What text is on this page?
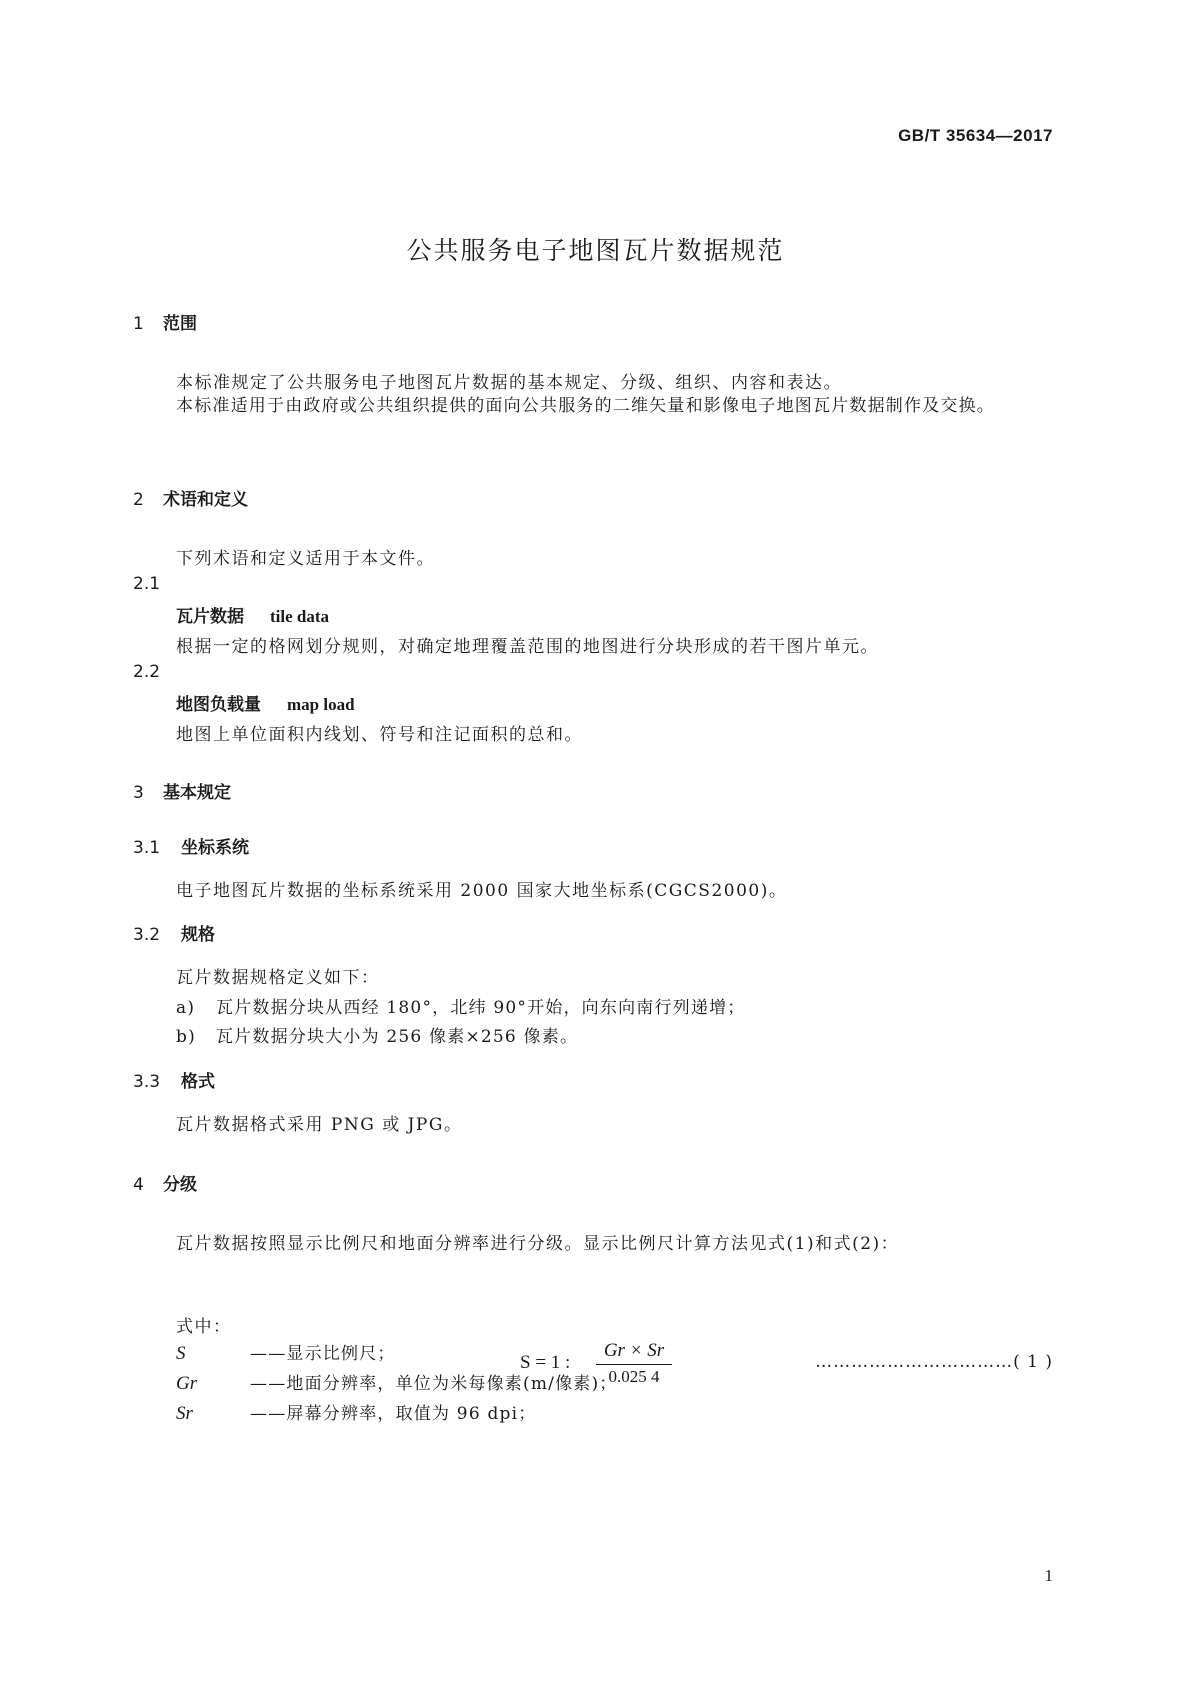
GB/T 35634—2017
公共服务电子地图瓦片数据规范
1 范围
本标准规定了公共服务电子地图瓦片数据的基本规定、分级、组织、内容和表达。
本标准适用于由政府或公共组织提供的面向公共服务的二维矢量和影像电子地图瓦片数据制作及交换。
2 术语和定义
下列术语和定义适用于本文件。
2.1
瓦片数据 tile data
根据一定的格网划分规则，对确定地理覆盖范围的地图进行分块形成的若干图片单元。
2.2
地图负载量 map load
地图上单位面积内线划、符号和注记面积的总和。
3 基本规定
3.1 坐标系统
电子地图瓦片数据的坐标系统采用 2000 国家大地坐标系(CGCS2000)。
3.2 规格
瓦片数据规格定义如下：
a) 瓦片数据分块从西经 180°，北纬 90°开始，向东向南行列递增；
b) 瓦片数据分块大小为 256 像素×256 像素。
3.3 格式
瓦片数据格式采用 PNG 或 JPG。
4 分级
瓦片数据按照显示比例尺和地面分辨率进行分级。显示比例尺计算方法见式(1)和式(2)：
S = 1 : $\frac{Gr \times Sr}{0.025 4}$	……………………………( 1 )
式中：
S	——显示比例尺；
Gr	——地面分辨率，单位为米每像素(m/像素)；
Sr	——屏幕分辨率，取值为 96 dpi；
1
